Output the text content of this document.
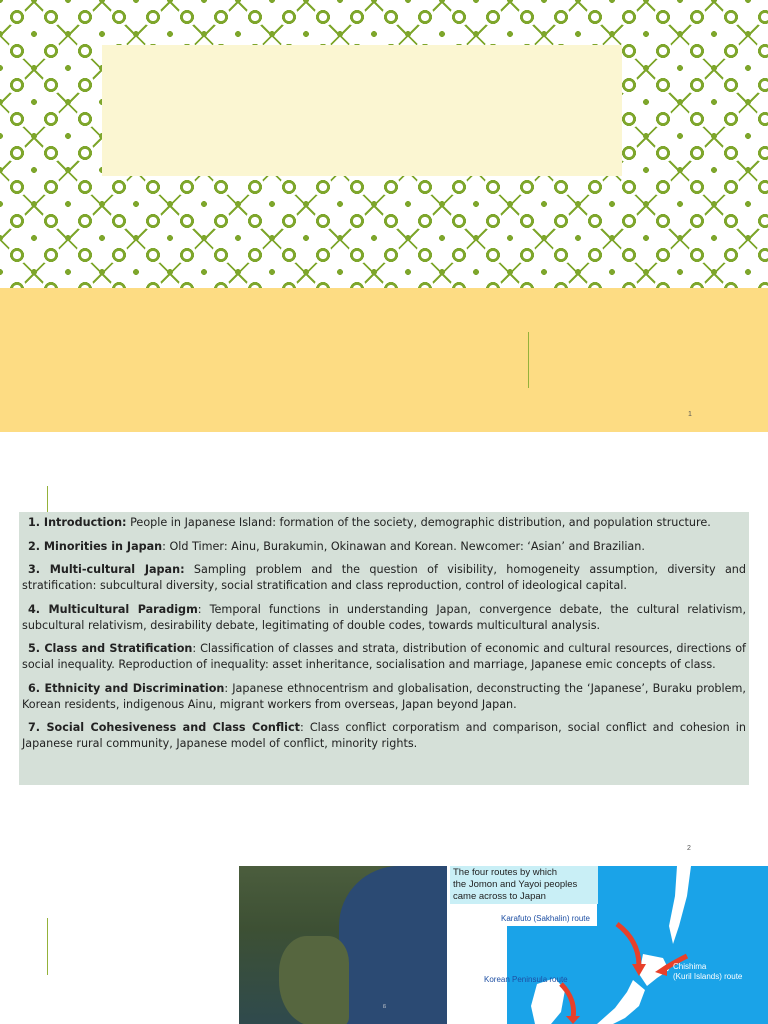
1

1. Introduction: People in Japanese Island: formation of the society, demographic distribution, and population structure.

2. Minorities in Japan: Old Timer: Ainu, Burakumin, Okinawan and Korean. Newcomer: ‘Asian’ and Brazilian.

3. Multi-cultural Japan: Sampling problem and the question of visibility, homogeneity assumption, diversity and stratification: subcultural diversity, social stratification and class reproduction, control of ideological capital.

4. Multicultural Paradigm: Temporal functions in understanding Japan, convergence debate, the cultural relativism, subcultural relativism, desirability debate, legitimating of double codes, towards multicultural analysis.

5. Class and Stratification: Classification of classes and strata, distribution of economic and cultural resources, directions of social inequality. Reproduction of inequality: asset inheritance, socialisation and marriage, Japanese emic concepts of class.

6. Ethnicity and Discrimination: Japanese ethnocentrism and globalisation, deconstructing the ‘Japanese’, Buraku problem, Korean residents, indigenous Ainu, migrant workers from overseas, Japan beyond Japan.

7. Social Cohesiveness and Class Conflict: Class conflict corporatism and comparison, social conflict and cohesion in Japanese rural community, Japanese model of conflict, minority rights.

2
ß
The four routes by which
the Jomon and Yayoi peoples
came across to Japan
Karafuto (Sakhalin) route
Korean Peninsula route
Chishima
(Kuril Islands) route
